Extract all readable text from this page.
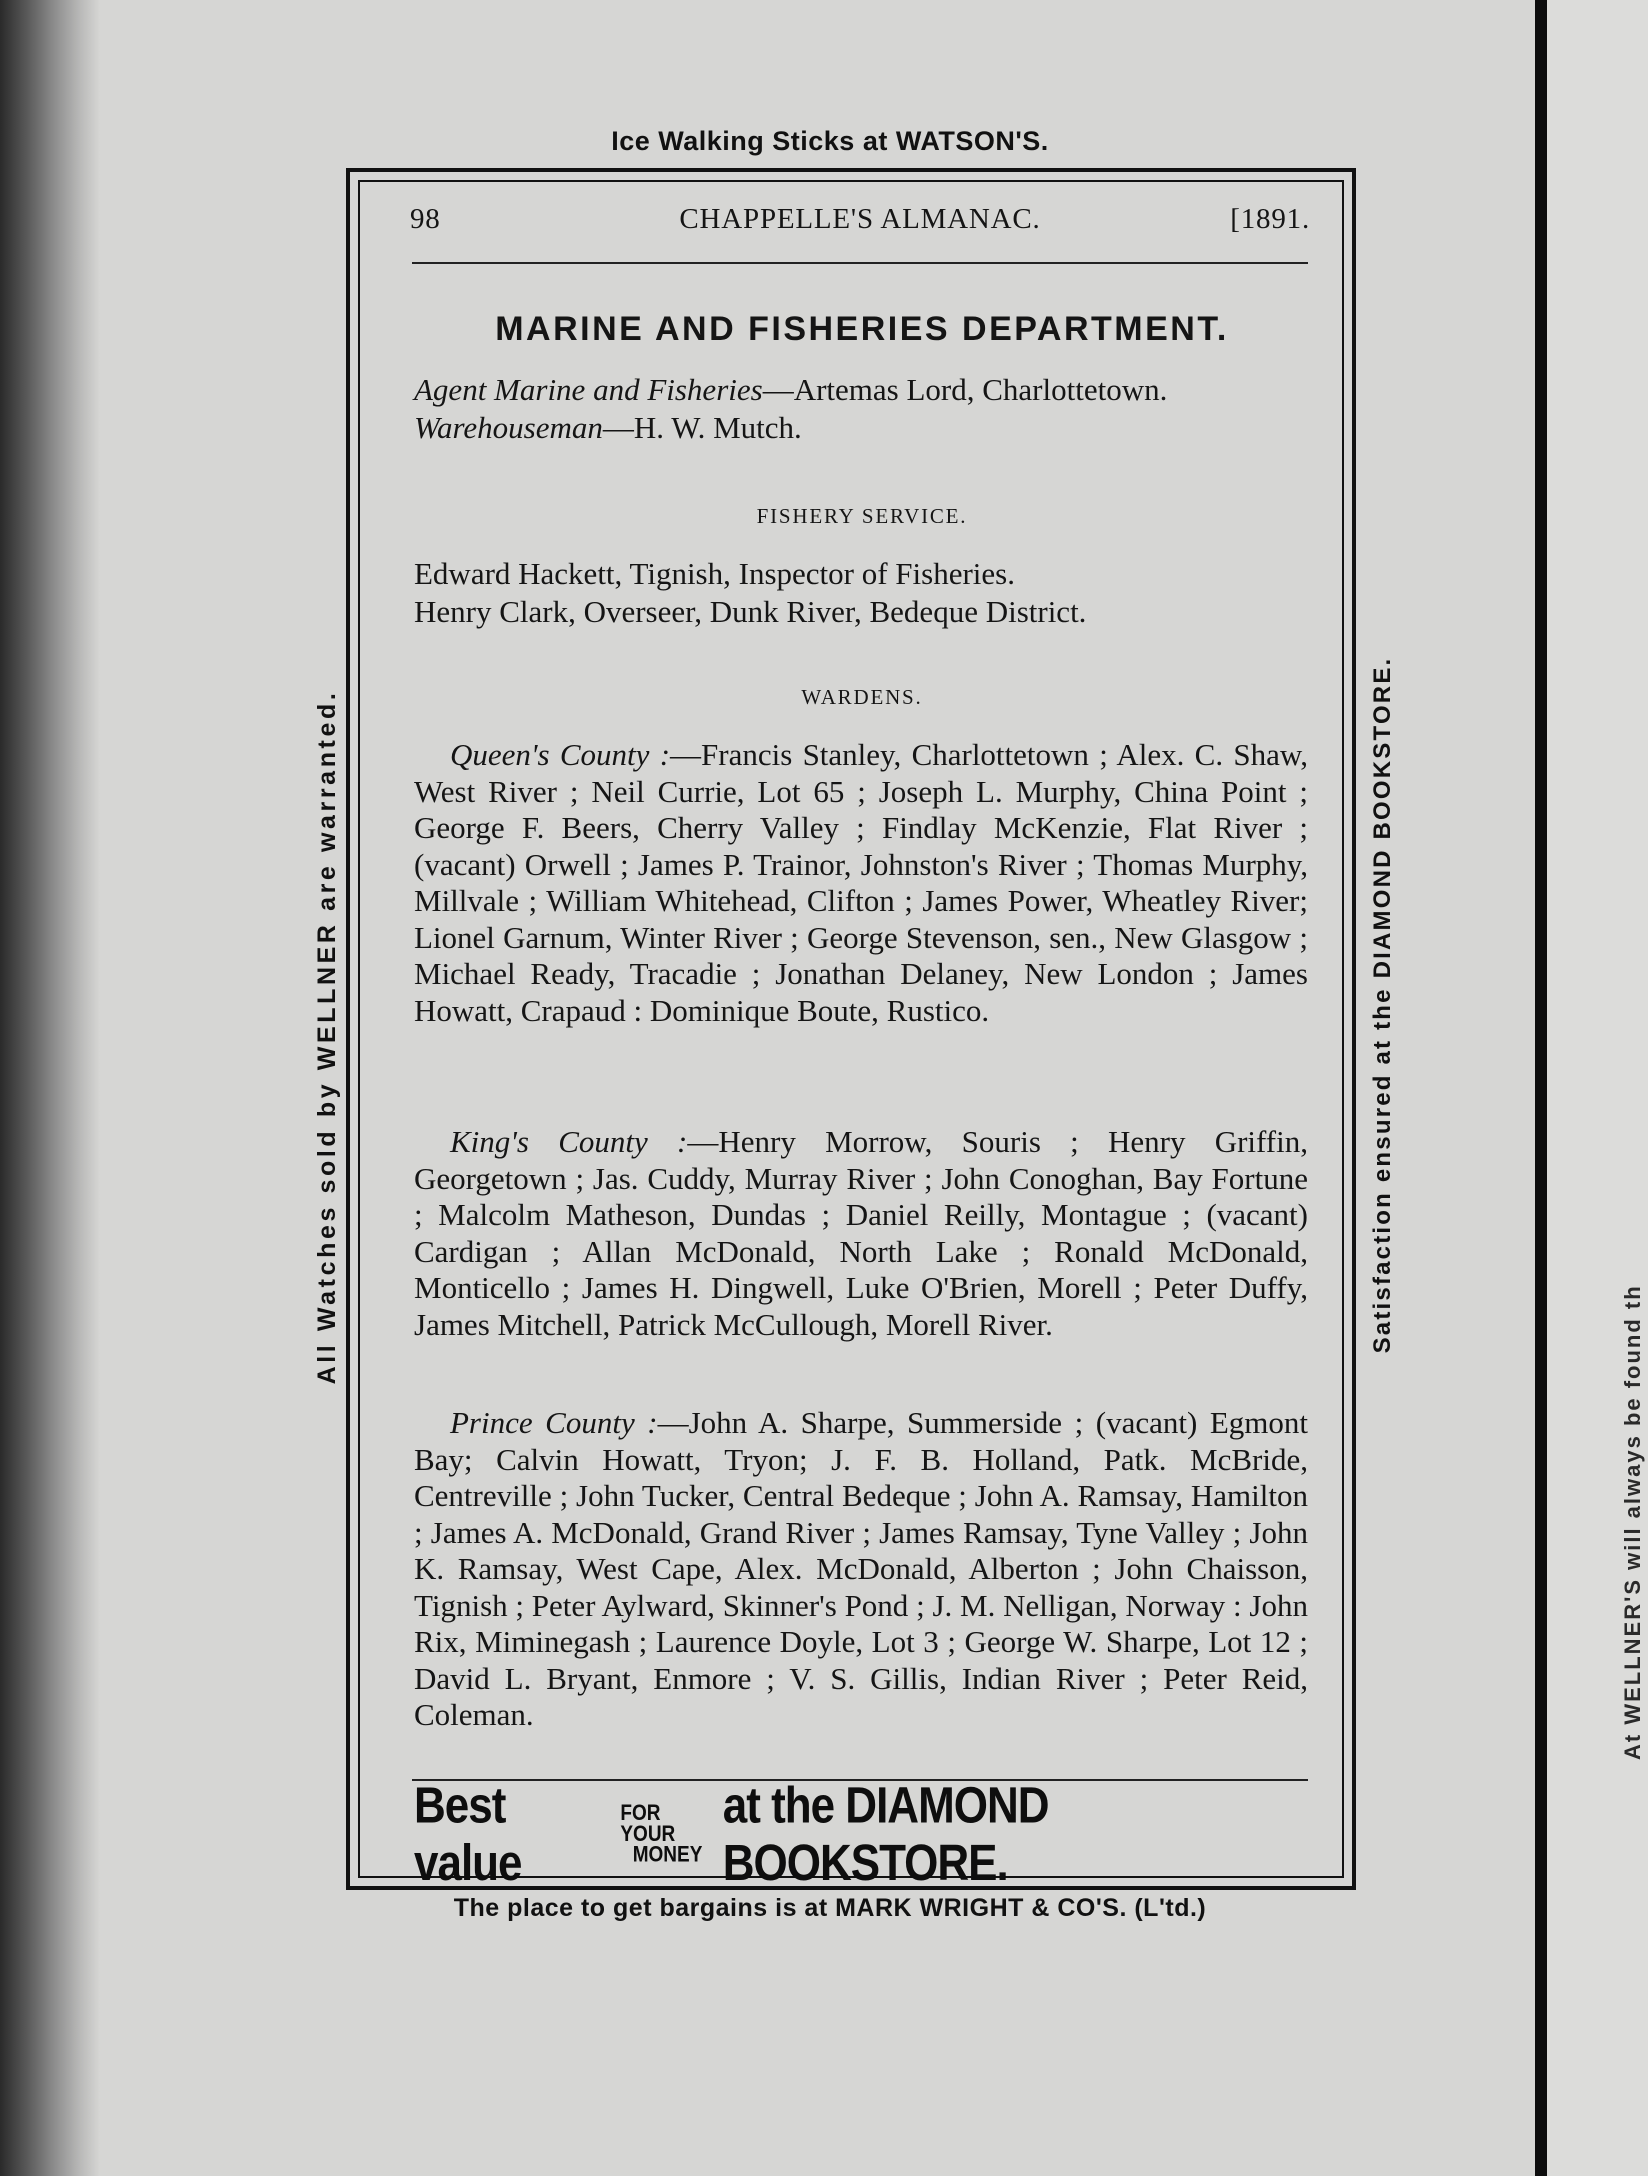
At WELLNER'S will always be found th
Ice Walking Sticks at WATSON'S.
All Watches sold by WELLNER are warranted.	Satisfaction ensured at the DIAMOND BOOKSTORE.
98	CHAPPELLE'S ALMANAC.	[1891.
MARINE AND FISHERIES DEPARTMENT.
Agent Marine and Fisheries—Artemas Lord, Charlottetown.
Warehouseman—H. W. Mutch.
FISHERY SERVICE.
Edward Hackett, Tignish, Inspector of Fisheries.
Henry Clark, Overseer, Dunk River, Bedeque District.
WARDENS.
Queen's County :—Francis Stanley, Charlottetown ; Alex. C. Shaw, West River ; Neil Currie, Lot 65 ; Joseph L. Murphy, China Point ; George F. Beers, Cherry Valley ; Findlay McKenzie, Flat River ; (vacant) Orwell ; James P. Trainor, Johnston's River ; Thomas Murphy, Millvale ; William Whitehead, Clifton ; James Power, Wheatley River; Lionel Garnum, Winter River ; George Stevenson, sen., New Glasgow ; Michael Ready, Tracadie ; Jonathan Delaney, New London ; James Howatt, Crapaud : Dominique Boute, Rustico.
King's County :—Henry Morrow, Souris ; Henry Griffin, Georgetown ; Jas. Cuddy, Murray River ; John Conoghan, Bay Fortune ; Malcolm Matheson, Dundas ; Daniel Reilly, Montague ; (vacant) Cardigan ; Allan McDonald, North Lake ; Ronald McDonald, Monticello ; James H. Dingwell, Luke O'Brien, Morell ; Peter Duffy, James Mitchell, Patrick McCullough, Morell River.
Prince County :—John A. Sharpe, Summerside ; (vacant) Egmont Bay; Calvin Howatt, Tryon; J. F. B. Holland, Patk. McBride, Centreville ; John Tucker, Central Bedeque ; John A. Ramsay, Hamilton ; James A. McDonald, Grand River ; James Ramsay, Tyne Valley ; John K. Ramsay, West Cape, Alex. McDonald, Alberton ; John Chaisson, Tignish ; Peter Aylward, Skinner's Pond ; J. M. Nelligan, Norway : John Rix, Miminegash ; Laurence Doyle, Lot 3 ; George W. Sharpe, Lot 12 ; David L. Bryant, Enmore ; V. S. Gillis, Indian River ; Peter Reid, Coleman.
Best value
FOR YOUR
MONEY
at the DIAMOND BOOKSTORE.
The place to get bargains is at MARK WRIGHT & CO'S. (L'td.)
